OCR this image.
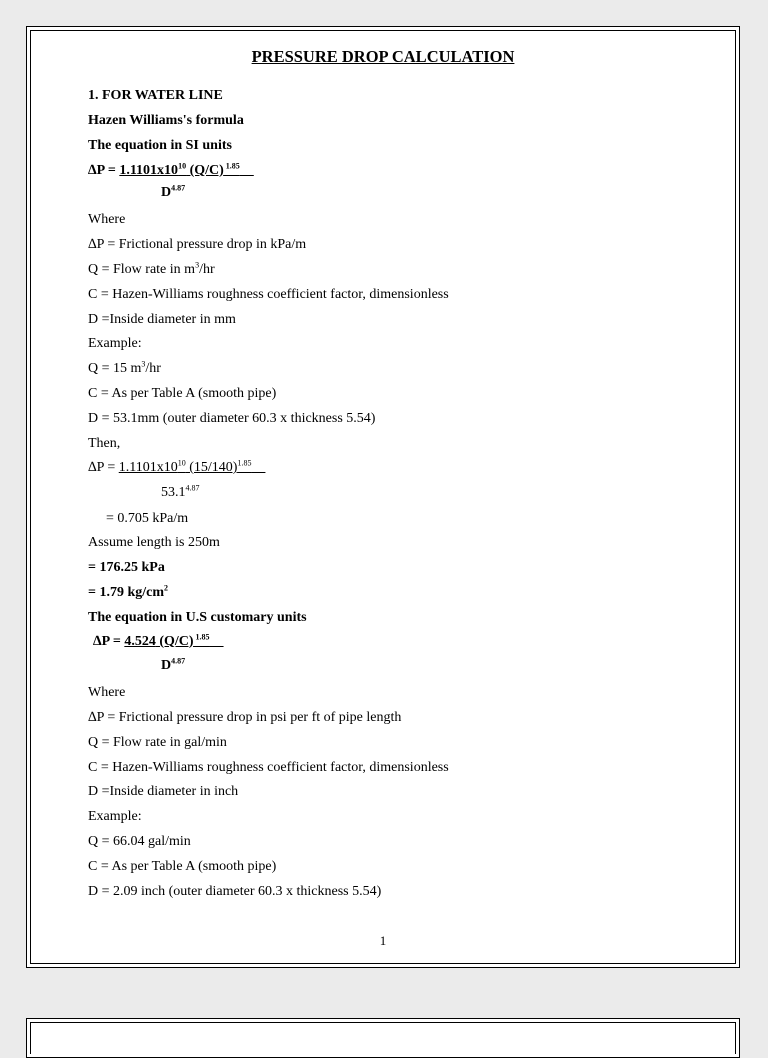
PRESSURE DROP CALCULATION
1. FOR WATER LINE
Hazen Williams's formula
The equation in SI units
$\Delta P = 1.1101x10^{10}$ (Q/C) $^{1.85}$ 
$D^{4.87}$
Where
∆P = Frictional pressure drop in kPa/m
Q = Flow rate in $m^3/hr$
C = Hazen-Williams roughness coefficient factor, dimensionless
D =Inside diameter in mm
Example:
Q = 15 $m^3/hr$
C = As per Table A (smooth pipe)
D = 53.1mm (outer diameter 60.3 x thickness 5.54)
Then,
$\Delta P = 1.1101x10^{10}$ $(15/140)^{1.85}$ 
$53.1^{4.87}$
= 0.705 kPa/m
Assume length is 250m
= 176.25 kPa
= 1.79 $kg/cm^2$
The equation in U.S customary units
∆P = 4.524 (Q/C) $^{1.85}$ 
$D^{4.87}$
Where
∆P = Frictional pressure drop in psi per ft of pipe length
Q = Flow rate in gal/min
C = Hazen-Williams roughness coefficient factor, dimensionless
D =Inside diameter in inch
Example:
Q = 66.04 gal/min
C = As per Table A (smooth pipe)
D = 2.09 inch (outer diameter 60.3 x thickness 5.54)
1
